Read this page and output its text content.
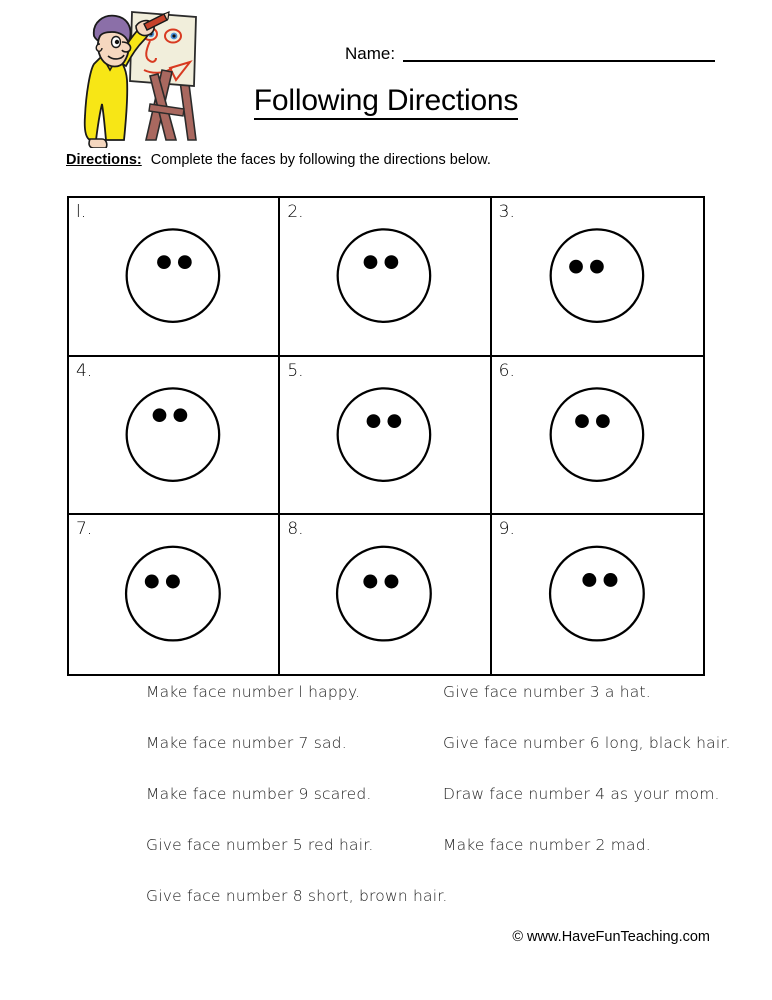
Name:
Following Directions
Directions: Complete the faces by following the directions below.
l.	2.	3.
4.	5.	6.
7.	8.	9.
Make face number l happy.
Make face number 7 sad.
Make face number 9 scared.
Give face number 5 red hair.
Give face number 8 short, brown hair.
Give face number 3 a hat.
Give face number 6 long, black hair.
Draw face number 4 as your mom.
Make face number 2 mad.
© www.HaveFunTeaching.com
